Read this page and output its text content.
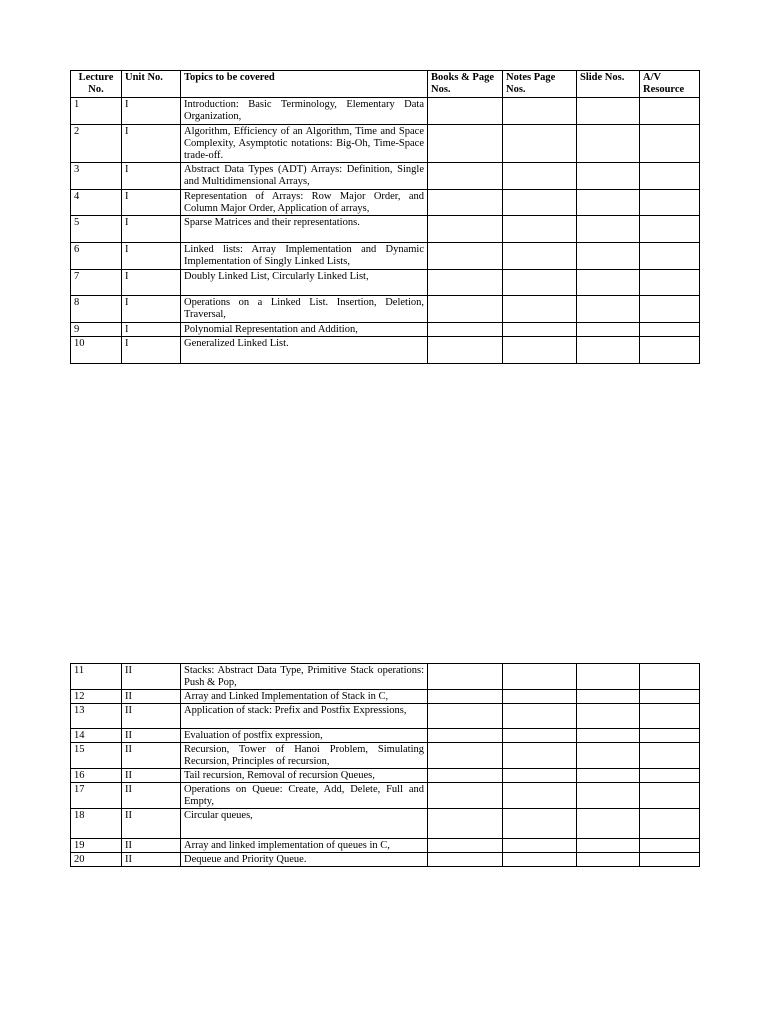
Lecture No.	Unit No.	Topics to be covered	Books & Page Nos.	Notes Page Nos.	Slide Nos.	A/V Resource
1	I	Introduction: Basic Terminology, Elementary Data Organization,				
2	I	Algorithm, Efficiency of an Algorithm, Time and Space Complexity, Asymptotic notations: Big-Oh, Time-Space trade-off.				
3	I	Abstract Data Types (ADT) Arrays: Definition, Single and Multidimensional Arrays,				
4	I	Representation of Arrays: Row Major Order, and Column Major Order, Application of arrays,				
5	I	Sparse Matrices and their representations.				
6	I	Linked lists: Array Implementation and Dynamic Implementation of Singly Linked Lists,				
7	I	Doubly Linked List, Circularly Linked List,				
8	I	Operations on a Linked List. Insertion, Deletion, Traversal,				
9	I	Polynomial Representation and Addition,				
10	I	Generalized Linked List.				
11	II	Stacks: Abstract Data Type, Primitive Stack operations: Push & Pop,				
12	II	Array and Linked Implementation of Stack in C,				
13	II	Application of stack: Prefix and Postfix Expressions,				
14	II	Evaluation of postfix expression,				
15	II	Recursion, Tower of Hanoi Problem, Simulating Recursion, Principles of recursion,				
16	II	Tail recursion, Removal of recursion Queues,				
17	II	Operations on Queue: Create, Add, Delete, Full and Empty,				
18	II	Circular queues,				
19	II	Array and linked implementation of queues in C,				
20	II	Dequeue and Priority Queue.				
